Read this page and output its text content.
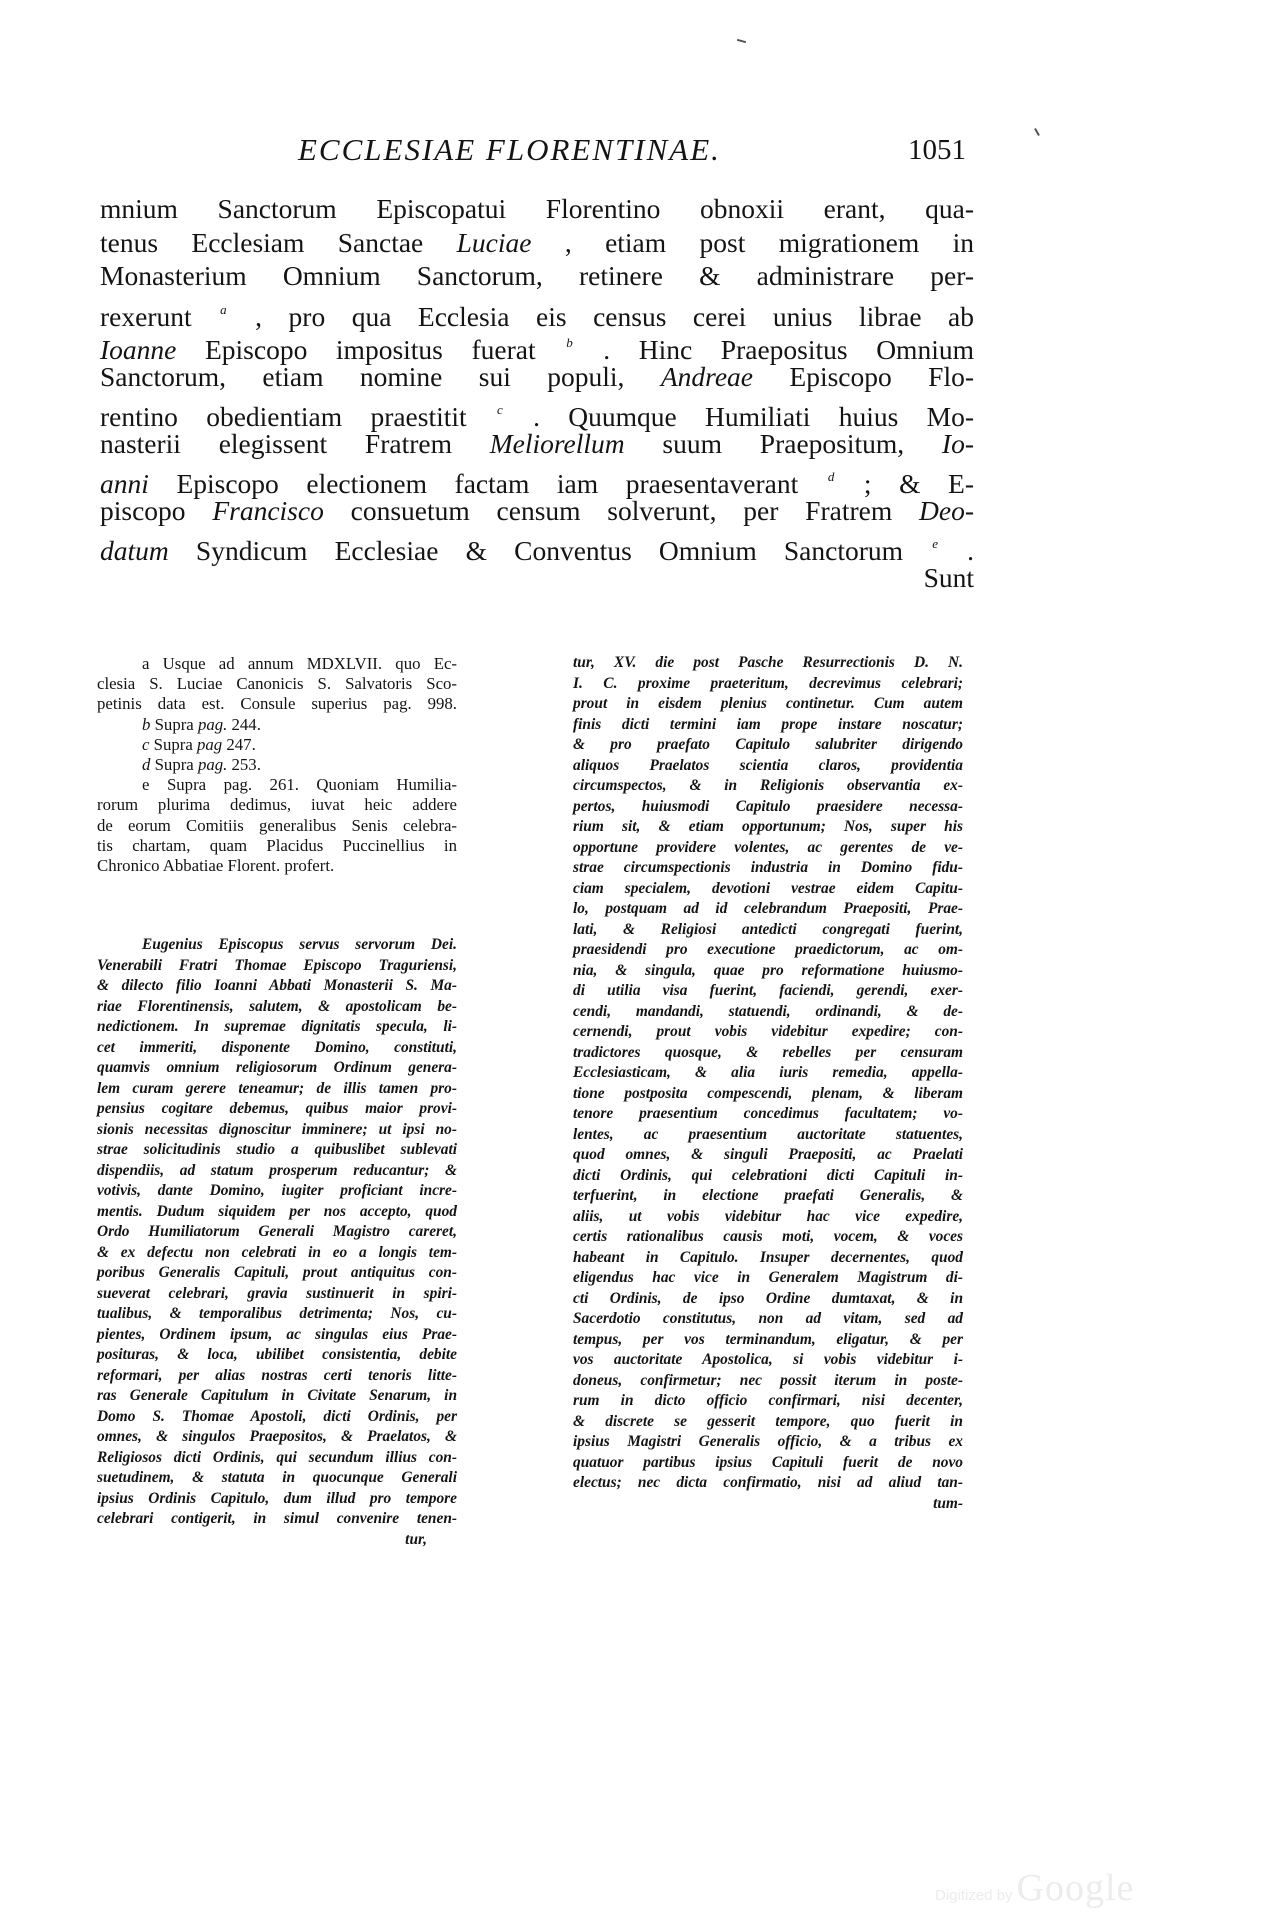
ECCLESIAE FLORENTINAE.	1051
mnium Sanctorum Episcopatui Florentino obnoxii erant, qua-
tenus Ecclesiam Sanctae Luciae , etiam post migrationem in
Monasterium Omnium Sanctorum, retinere & administrare per-
rexerunt $^a$ , pro qua Ecclesia eis census cerei unius librae ab
Ioanne Episcopo impositus fuerat $^b$ . Hinc Praepositus Omnium
Sanctorum, etiam nomine sui populi, Andreae Episcopo Flo-
rentino obedientiam praestitit $^c$ . Quumque Humiliati huius Mo-
nasterii elegissent Fratrem Meliorellum suum Praepositum, Io-
anni Episcopo electionem factam iam praesentaverant $^d$ ; & E-
piscopo Francisco consuetum censum solverunt, per Fratrem Deo-
datum Syndicum Ecclesiae & Conventus Omnium Sanctorum $^e$ .
Sunt
a Usque ad annum MDXLVII. quo Ec-
clesia S. Luciae Canonicis S. Salvatoris Sco-
petinis data est. Consule superius pag. 998.
b Supra pag. 244.
c Supra pag 247.
d Supra pag. 253.
e Supra pag. 261. Quoniam Humilia-
rorum plurima dedimus, iuvat heic addere
de eorum Comitiis generalibus Senis celebra-
tis chartam, quam Placidus Puccinellius in
Chronico Abbatiae Florent. profert.
Eugenius Episcopus servus servorum Dei.
Venerabili Fratri Thomae Episcopo Traguriensi,
& dilecto filio Ioanni Abbati Monasterii S. Ma-
riae Florentinensis, salutem, & apostolicam be-
nedictionem. In supremae dignitatis specula, li-
cet immeriti, disponente Domino, constituti,
quamvis omnium religiosorum Ordinum genera-
lem curam gerere teneamur; de illis tamen pro-
pensius cogitare debemus, quibus maior provi-
sionis necessitas dignoscitur imminere; ut ipsi no-
strae solicitudinis studio a quibuslibet sublevati
dispendiis, ad statum prosperum reducantur; &
votivis, dante Domino, iugiter proficiant incre-
mentis. Dudum siquidem per nos accepto, quod
Ordo Humiliatorum Generali Magistro careret,
& ex defectu non celebrati in eo a longis tem-
poribus Generalis Capituli, prout antiquitus con-
sueverat celebrari, gravia sustinuerit in spiri-
tualibus, & temporalibus detrimenta; Nos, cu-
pientes, Ordinem ipsum, ac singulas eius Prae-
posituras, & loca, ubilibet consistentia, debite
reformari, per alias nostras certi tenoris litte-
ras Generale Capitulum in Civitate Senarum, in
Domo S. Thomae Apostoli, dicti Ordinis, per
omnes, & singulos Praepositos, & Praelatos, &
Religiosos dicti Ordinis, qui secundum illius con-
suetudinem, & statuta in quocunque Generali
ipsius Ordinis Capitulo, dum illud pro tempore
celebrari contigerit, in simul convenire tenen-
tur,
tur, XV. die post Pasche Resurrectionis D. N.
I. C. proxime praeteritum, decrevimus celebrari;
prout in eisdem plenius continetur. Cum autem
finis dicti termini iam prope instare noscatur;
& pro praefato Capitulo salubriter dirigendo
aliquos Praelatos scientia claros, providentia
circumspectos, & in Religionis observantia ex-
pertos, huiusmodi Capitulo praesidere necessa-
rium sit, & etiam opportunum; Nos, super his
opportune providere volentes, ac gerentes de ve-
strae circumspectionis industria in Domino fidu-
ciam specialem, devotioni vestrae eidem Capitu-
lo, postquam ad id celebrandum Praepositi, Prae-
lati, & Religiosi antedicti congregati fuerint,
praesidendi pro executione praedictorum, ac om-
nia, & singula, quae pro reformatione huiusmo-
di utilia visa fuerint, faciendi, gerendi, exer-
cendi, mandandi, statuendi, ordinandi, & de-
cernendi, prout vobis videbitur expedire; con-
tradictores quosque, & rebelles per censuram
Ecclesiasticam, & alia iuris remedia, appella-
tione postposita compescendi, plenam, & liberam
tenore praesentium concedimus facultatem; vo-
lentes, ac praesentium auctoritate statuentes,
quod omnes, & singuli Praepositi, ac Praelati
dicti Ordinis, qui celebrationi dicti Capituli in-
terfuerint, in electione praefati Generalis, &
aliis, ut vobis videbitur hac vice expedire,
certis rationalibus causis moti, vocem, & voces
habeant in Capitulo. Insuper decernentes, quod
eligendus hac vice in Generalem Magistrum di-
cti Ordinis, de ipso Ordine dumtaxat, & in
Sacerdotio constitutus, non ad vitam, sed ad
tempus, per vos terminandum, eligatur, & per
vos auctoritate Apostolica, si vobis videbitur i-
doneus, confirmetur; nec possit iterum in poste-
rum in dicto officio confirmari, nisi decenter,
& discrete se gesserit tempore, quo fuerit in
ipsius Magistri Generalis officio, & a tribus ex
quatuor partibus ipsius Capituli fuerit de novo
electus; nec dicta confirmatio, nisi ad aliud tan-
tum-
Digitized by Google
